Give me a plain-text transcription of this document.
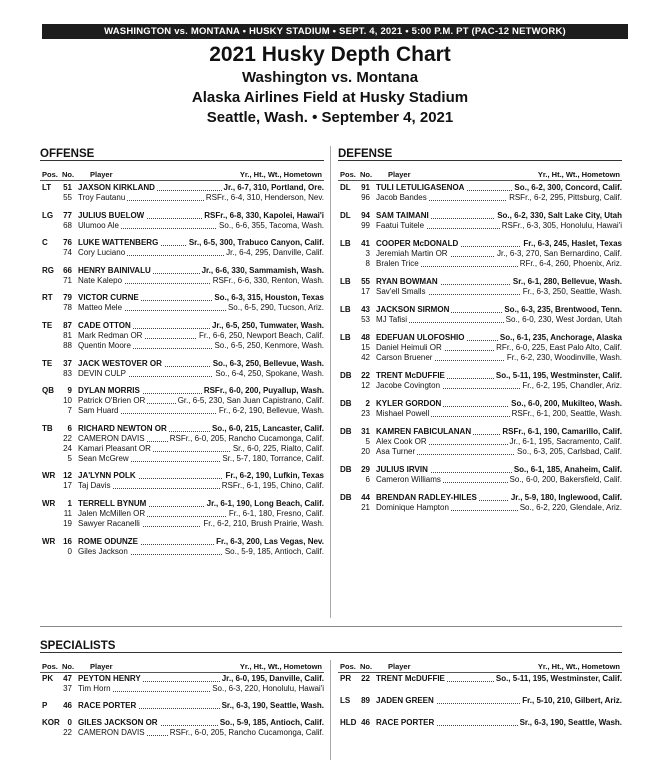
WASHINGTON vs. MONTANA • HUSKY STADIUM • SEPT. 4, 2021 • 5:00 P.M. PT (PAC-12 NETWORK)
2021 Husky Depth Chart
Washington vs. Montana
Alaska Airlines Field at Husky Stadium
Seattle, Wash. • September 4, 2021
OFFENSE	DEFENSE
SPECIALISTS
Pos. No. Player	Yr., Ht., Wt., Hometown Pos. No. Player	Yr., Ht., Wt., Hometown
Pos. No. Player	Yr., Ht., Wt., Hometown Pos. No. Player	Yr., Ht., Wt., Hometown
LT	51 JAXSON KIRKLAND	Jr., 6-7, 310, Portland, Ore.
55 Troy Fautanu	RSFr., 6-4, 310, Henderson, Nev.
LG	77 JULIUS BUELOW	RSFr., 6-8, 330, Kapolei, Hawai'i
68 Ulumoo Ale	So., 6-6, 355, Tacoma, Wash.
C	76 LUKE WATTENBERG	Sr., 6-5, 300, Trabuco Canyon, Calif.
74 Cory Luciano	Jr., 6-4, 295, Danville, Calif.
RG	66 HENRY BAINIVALU	Jr., 6-6, 330, Sammamish, Wash.
71 Nate Kalepo	RSFr., 6-6, 330, Renton, Wash.
RT	79 VICTOR CURNE	So., 6-3, 315, Houston, Texas
78 Matteo Mele	So., 6-5, 290, Tucson, Ariz.
TE	87 CADE OTTON	Jr., 6-5, 250, Tumwater, Wash.
81 Mark Redman OR	Fr., 6-6, 250, Newport Beach, Calif.
88 Quentin Moore	So., 6-5, 250, Kenmore, Wash.
TE	37 JACK WESTOVER OR	So., 6-3, 250, Bellevue, Wash.
83 DEVIN CULP	So., 6-4, 250, Spokane, Wash.
QB	9 DYLAN MORRIS	RSFr., 6-0, 200, Puyallup, Wash.
10 Patrick O'Brien OR	Gr., 6-5, 230, San Juan Capistrano, Calif.
7 Sam Huard	Fr., 6-2, 190, Bellevue, Wash.
TB	6 RICHARD NEWTON OR	So., 6-0, 215, Lancaster, Calif.
22 CAMERON DAVIS	RSFr., 6-0, 205, Rancho Cucamonga, Calif.
24 Kamari Pleasant OR	Sr., 6-0, 225, Rialto, Calif.
5 Sean McGrew	Sr., 5-7, 180, Torrance, Calif.
WR 12 JA'LYNN POLK	Fr., 6-2, 190, Lufkin, Texas
17 Taj Davis	RSFr., 6-1, 195, Chino, Calif.
WR	1 TERRELL BYNUM	Jr., 6-1, 190, Long Beach, Calif.
11 Jalen McMillen OR	Fr., 6-1, 180, Fresno, Calif.
19 Sawyer Racanelli	Fr., 6-2, 210, Brush Prairie, Wash.
WR 16 ROME ODUNZE	Fr., 6-3, 200, Las Vegas, Nev.
0 Giles Jackson	So., 5-9, 185, Antioch, Calif.
DL	91 TULI LETULIGASENOA	So., 6-2, 300, Concord, Calif.
96 Jacob Bandes	RSFr., 6-2, 295, Pittsburg, Calif.
DL	94 SAM TAIMANI	So., 6-2, 330, Salt Lake City, Utah
99 Faatui Tuitele	RSFr., 6-3, 305, Honolulu, Hawai'i
LB	41 COOPER McDONALD	Fr., 6-3, 245, Haslet, Texas
3 Jeremiah Martin OR	Jr., 6-3, 270, San Bernardino, Calif.
8 Bralen Trice	RFr., 6-4, 260, Phoenix, Ariz.
LB	55 RYAN BOWMAN	Sr., 6-1, 280, Bellevue, Wash.
17 Sav'ell Smalls	Fr., 6-3, 250, Seattle, Wash.
LB	43 JACKSON SIRMON	So., 6-3, 235, Brentwood, Tenn.
53 MJ Tafisi	So., 6-0, 230, West Jordan, Utah
LB	48 EDEFUAN ULOFOSHIO	So., 6-1, 235, Anchorage, Alaska
15 Daniel Heimuli OR	RFr., 6-0, 225, East Palo Alto, Calif.
42 Carson Bruener	Fr., 6-2, 230, Woodinville, Wash.
DB	22 TRENT McDUFFIE	So., 5-11, 195, Westminster, Calif.
12 Jacobe Covington	Fr., 6-2, 195, Chandler, Ariz.
DB	2 KYLER GORDON	So., 6-0, 200, Mukilteo, Wash.
23 Mishael Powell	RSFr., 6-1, 200, Seattle, Wash.
DB	31 KAMREN FABICULANAN	RSFr., 6-1, 190, Camarillo, Calif.
5 Alex Cook OR	Jr., 6-1, 195, Sacramento, Calif.
20 Asa Turner	So., 6-3, 205, Carlsbad, Calif.
DB	29 JULIUS IRVIN	So., 6-1, 185, Anaheim, Calif.
6 Cameron Williams	So., 6-0, 200, Bakersfield, Calif.
DB	44 BRENDAN RADLEY-HILES	Jr., 5-9, 180, Inglewood, Calif.
21 Dominique Hampton	So., 6-2, 220, Glendale, Ariz.
PK	47 PEYTON HENRY	Jr., 6-0, 195, Danville, Calif.
37 Tim Horn	So., 6-3, 220, Honolulu, Hawai'i
P	46 RACE PORTER	Sr., 6-3, 190, Seattle, Wash.
KOR 0 GILES JACKSON OR	So., 5-9, 185, Antioch, Calif.
22 CAMERON DAVIS	RSFr., 6-0, 205, Rancho Cucamonga, Calif.
PR	22 TRENT McDUFFIE	So., 5-11, 195, Westminster, Calif.
LS	89 JADEN GREEN	Fr., 5-10, 210, Gilbert, Ariz.
HLD 46 RACE PORTER	Sr., 6-3, 190, Seattle, Wash.
